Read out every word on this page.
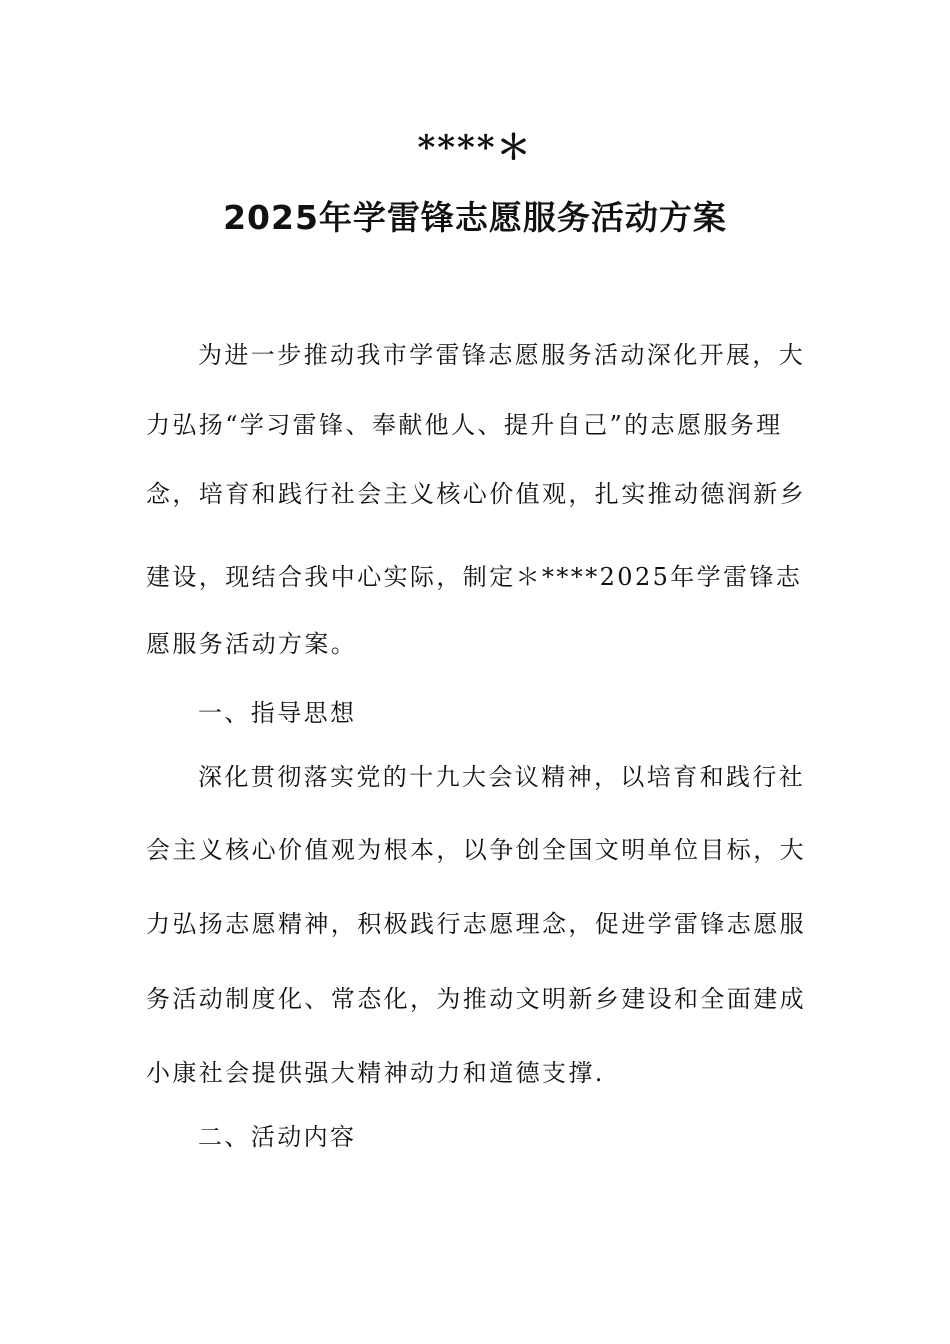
****＊
2025年学雷锋志愿服务活动方案
为进一步推动我市学雷锋志愿服务活动深化开展，大
力弘扬“学习雷锋、奉献他人、提升自己”的志愿服务理
念，培育和践行社会主义核心价值观，扎实推动德润新乡
建设，现结合我中心实际，制定＊****2025年学雷锋志
愿服务活动方案。
一、指导思想
深化贯彻落实党的十九大会议精神，以培育和践行社
会主义核心价值观为根本，以争创全国文明单位目标，大
力弘扬志愿精神，积极践行志愿理念，促进学雷锋志愿服
务活动制度化、常态化，为推动文明新乡建设和全面建成
小康社会提供强大精神动力和道德支撑.
二、活动内容
